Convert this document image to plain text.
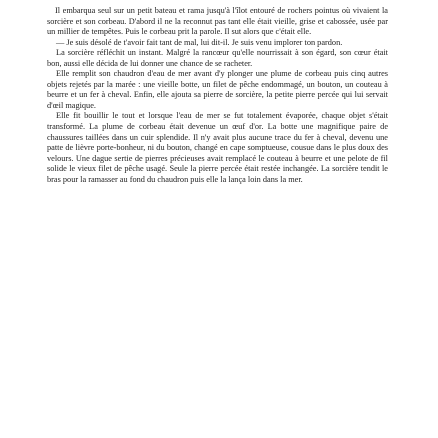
Il embarqua seul sur un petit bateau et rama jusqu'à l'îlot entouré de rochers pointus où vivaient la sorcière et son corbeau. D'abord il ne la reconnut pas tant elle était vieille, grise et cabossée, usée par un millier de tempêtes. Puis le corbeau prit la parole. Il sut alors que c'était elle.

— Je suis désolé de t'avoir fait tant de mal, lui dit-il. Je suis venu implorer ton pardon.

La sorcière réfléchit un instant. Malgré la rancœur qu'elle nourrissait à son égard, son cœur était bon, aussi elle décida de lui donner une chance de se racheter.

Elle remplit son chaudron d'eau de mer avant d'y plonger une plume de corbeau puis cinq autres objets rejetés par la marée : une vieille botte, un filet de pêche endommagé, un bouton, un couteau à beurre et un fer à cheval. Enfin, elle ajouta sa pierre de sorcière, la petite pierre percée qui lui servait d'œil magique.

Elle fit bouillir le tout et lorsque l'eau de mer se fut totalement évaporée, chaque objet s'était transformé. La plume de corbeau était devenue un œuf d'or. La botte une magnifique paire de chaussures taillées dans un cuir splendide. Il n'y avait plus aucune trace du fer à cheval, devenu une patte de lièvre porte-bonheur, ni du bouton, changé en cape somptueuse, cousue dans le plus doux des velours. Une dague sertie de pierres précieuses avait remplacé le couteau à beurre et une pelote de fil solide le vieux filet de pêche usagé. Seule la pierre percée était restée inchangée. La sorcière tendit le bras pour la ramasser au fond du chaudron puis elle la lança loin dans la mer.
